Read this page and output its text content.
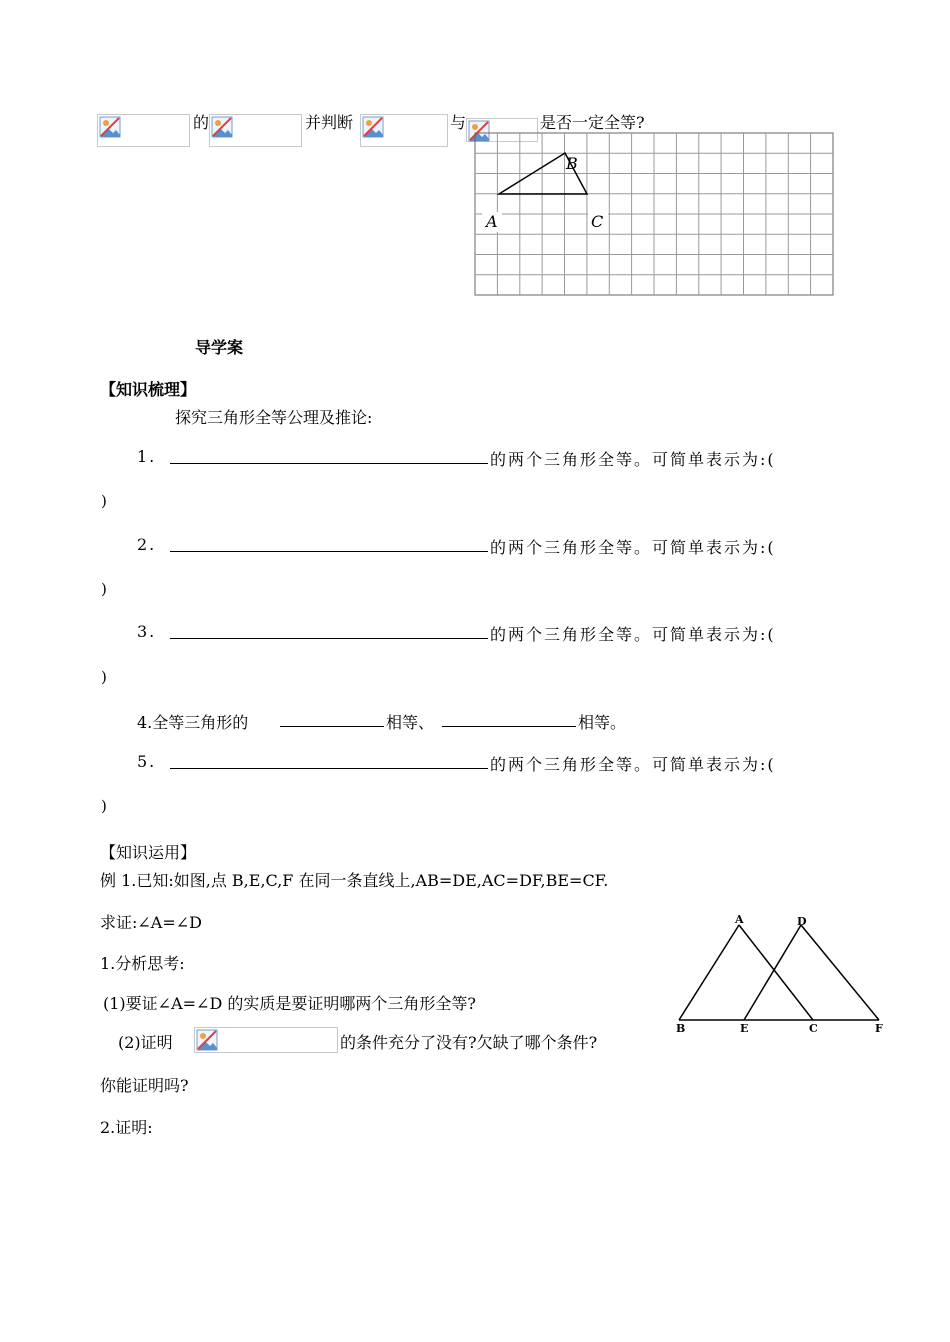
的	并判断	与	是否一定全等?
A
B
C
导学案
【知识梳理】
探究三角形全等公理及推论:
1.	的两个三角形全等。可简单表示为:(
)
2.	的两个三角形全等。可简单表示为:(
)
3.	的两个三角形全等。可简单表示为:(
)
4.全等三角形的	相等、	相等。
5.	的两个三角形全等。可简单表示为:(
)
【知识运用】
例 1.已知:如图,点 B,E,C,F 在同一条直线上,AB=DE,AC=DF,BE=CF.
求证:∠A=∠D
1.分析思考:
(1)要证∠A=∠D 的实质是要证明哪两个三角形全等?
(2)证明	的条件充分了没有?欠缺了哪个条件?
你能证明吗?
2.证明:
A	D
B	E	C	F
